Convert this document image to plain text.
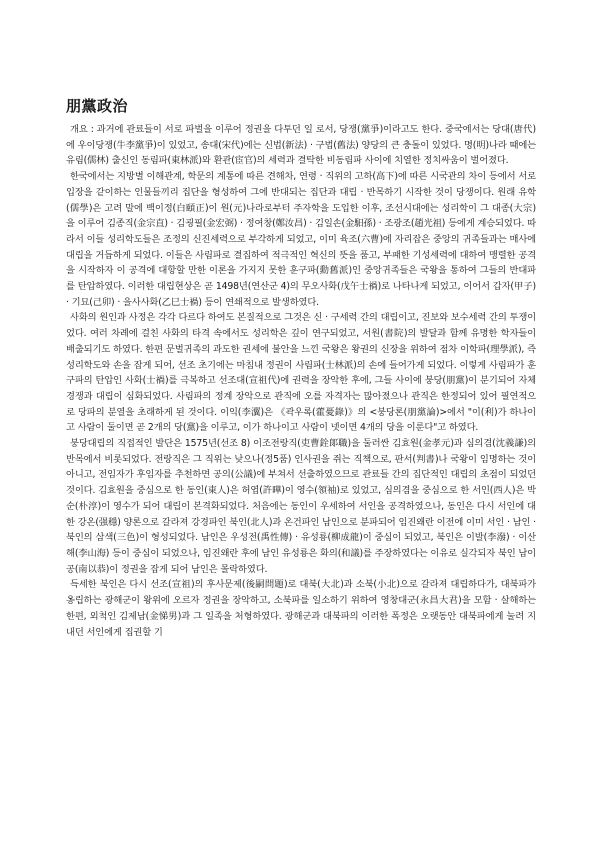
朋黨政治

개요 : 과거에 관료들이 서로 파벌을 이루어 정권을 다투던 일 로서, 당쟁(黨爭)이라고도 한다. 중국에서는 당대(唐代)에 우이당쟁(牛李黨爭)이 있었고, 송대(宋代)에는 신법(新法) · 구법(舊法) 양당의 큰 충돌이 있었다. 명(明)나라 때에는 유림(儒林) 출신인 동림파(東林派)와 환관(宦官)의 세력과 결탁한 비동림파 사이에 치열한 정치싸움이 벌어졌다.

한국에서는 지방별 이해관계, 학문의 계통에 따른 견해차, 연령 · 직위의 고하(高下)에 따른 시국관의 차이 등에서 서로 입장을 같이하는 인물들끼리 집단을 형성하여 그에 반대되는 집단과 대립 · 반목하기 시작한 것이 당쟁이다. 원래 유학(儒學)은 고려 말에 백이정(白頤正)이 원(元)나라로부터 주자학을 도입한 이후, 조선시대에는 성리학이 그 대종(大宗)을 이루어 김종직(金宗直) · 김굉필(金宏弼) · 정여창(鄭汝昌) · 김일손(金馹孫) · 조광조(趙光祖) 등에게 계승되었다. 따라서 이들 성리학도들은 조정의 신진세력으로 부각하게 되었고, 이미 육조(六曹)에 자리잡은 중앙의 귀족들과는 매사에 대립을 거듭하게 되었다. 이들은 사림파로 결집하여 적극적인 혁신의 뜻을 품고, 부패한 기성세력에 대하여 맹렬한 공격을 시작하자 이 공격에 대항할 만한 이론을 가지지 못한 훈구파(勳舊派)인 중앙귀족들은 국왕을 통하여 그들의 반대파를 탄압하였다. 이러한 대립현상은 곧 1498년(연산군 4)의 무오사화(戊午士禍)로 나타나게 되었고, 이어서 갑자(甲子) · 기묘(己卯) · 을사사화(乙巳士禍) 등이 연쇄적으로 발생하였다.

사화의 원인과 사정은 각각 다르다 하여도 본질적으로 그것은 신 · 구세력 간의 대립이고, 진보와 보수세력 간의 투쟁이었다. 여러 차례에 걸친 사화의 타격 속에서도 성리학은 깊이 연구되었고, 서원(書院)의 발달과 함께 유명한 학자들이 배출되기도 하였다. 한편 문벌귀족의 과도한 권세에 불안을 느낀 국왕은 왕권의 신장을 위하여 점차 이학파(理學派), 즉 성리학도와 손을 잡게 되어, 선조 초기에는 마침내 정권이 사림파(士林派)의 손에 들어가게 되었다. 이렇게 사림파가 훈구파의 탄압인 사화(士禍)를 극복하고 선조대(宣祖代)에 권력을 장악한 후에, 그들 사이에 붕당(朋黨)이 분기되어 자체 경쟁과 대립이 심화되었다. 사림파의 정계 장악으로 관직에 오를 자격자는 많아졌으나 관직은 한정되어 있어 필연적으로 당파의 분열을 초래하게 된 것이다. 이익(李瀷)은 《곽우록(藿憂錄)》의 <붕당론(朋黨論)>에서 "이(利)가 하나이고 사람이 둘이면 곧 2개의 당(黨)을 이루고, 이가 하나이고 사람이 넷이면 4개의 당을 이룬다"고 하였다.

붕당대립의 직접적인 발단은 1575년(선조 8) 이조전랑직(吏曹銓郞職)을 둘러싼 김효원(金孝元)과 심의겸(沈義謙)의 반목에서 비롯되었다. 전랑직은 그 직위는 낮으나(정5품) 인사권을 쥐는 직책으로, 판서(判書)나 국왕이 임명하는 것이 아니고, 전임자가 후임자를 추천하면 공의(公議)에 부쳐서 선출하였으므로 관료들 간의 집단적인 대립의 초점이 되었던 것이다. 김효원을 중심으로 한 동인(東人)은 허엽(許曄)이 영수(領袖)로 있었고, 심의겸을 중심으로 한 서인(西人)은 박순(朴淳)이 영수가 되어 대립이 본격화되었다. 처음에는 동인이 우세하여 서인을 공격하였으나, 동인은 다시 서인에 대한 강온(强穩) 양론으로 갈라져 강경파인 북인(北人)과 온건파인 남인으로 분파되어 임진왜란 이전에 이미 서인 · 남인 · 북인의 삼색(三色)이 형성되었다. 남인은 우성전(禹性傳) · 유성룡(柳成龍)이 중심이 되었고, 북인은 이발(李潑) · 이산해(李山海) 등이 중심이 되었으나, 임진왜란 후에 남인 유성룡은 화의(和議)를 주장하였다는 이유로 실각되자 북인 남이공(南以恭)이 정권을 잡게 되어 남인은 몰락하였다.

득세한 북인은 다시 선조(宣祖)의 후사문제(後嗣問題)로 대북(大北)과 소북(小北)으로 갈라져 대립하다가, 대북파가 옹립하는 광해군이 왕위에 오르자 정권을 장악하고, 소북파를 일소하기 위하여 영창대군(永昌大君)을 모함 · 살해하는 한편, 외척인 김제남(金悌男)과 그 일족을 처형하였다. 광해군과 대북파의 이러한 폭정은 오랫동안 대북파에게 눌려 지내던 서인에게 집권할 기
